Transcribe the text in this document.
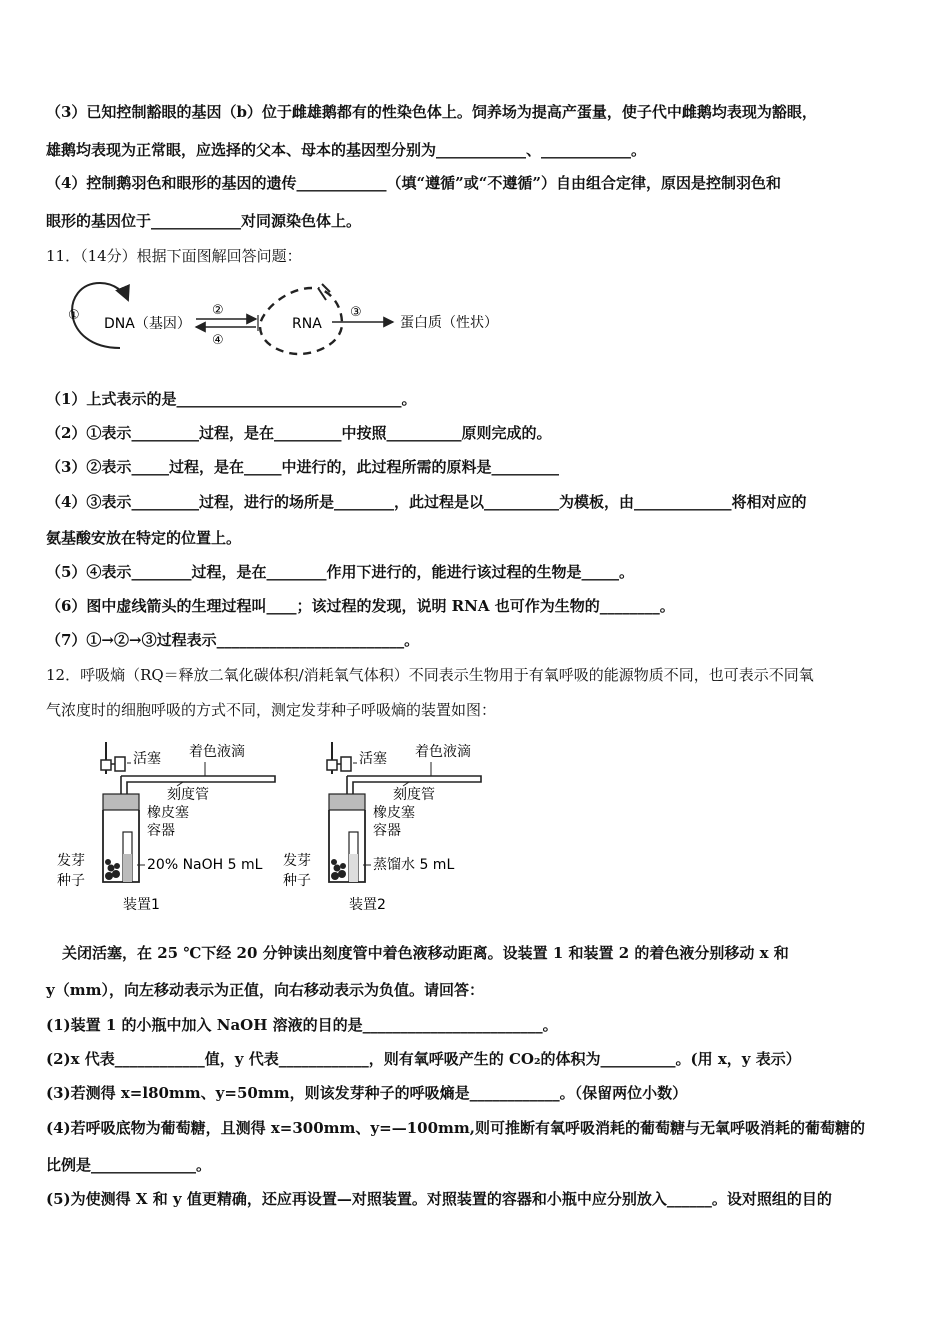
（3）已知控制豁眼的基因（b）位于雌雄鹅都有的性染色体上。饲养场为提高产蛋量，使子代中雌鹅均表现为豁眼，
雄鹅均表现为正常眼，应选择的父本、母本的基因型分别为____________、____________。
（4）控制鹅羽色和眼形的基因的遗传____________（填“遵循”或“不遵循”）自由组合定律，原因是控制羽色和
眼形的基因位于____________对同源染色体上。
11．（14分）根据下面图解回答问题：
①
DNA（基因）
②
④
RNA
③
蛋白质（性状）
（1）上式表示的是______________________________。
（2）①表示_________过程，是在_________中按照__________原则完成的。
（3）②表示_____过程，是在_____中进行的，此过程所需的原料是_________
（4）③表示_________过程，进行的场所是________，此过程是以__________为模板，由_____________将相对应的
氨基酸安放在特定的位置上。
（5）④表示________过程，是在________作用下进行的，能进行该过程的生物是_____。
（6）图中虚线箭头的生理过程叫____；该过程的发现，说明 RNA 也可作为生物的________。
（7）①→②→③过程表示_________________________。
12．呼吸熵（RQ＝释放二氧化碳体积/消耗氧气体积）不同表示生物用于有氧呼吸的能源物质不同，也可表示不同氧
气浓度时的细胞呼吸的方式不同，测定发芽种子呼吸熵的装置如图：
活塞 着色液滴
刻度管
橡皮塞
容器
20% NaOH 5 mL
发芽
种子
装置1
活塞 着色液滴
刻度管
橡皮塞
容器
蒸馏水 5 mL
发芽
种子
装置2
关闭活塞，在 25 ℃下经 20 分钟读出刻度管中着色液移动距离。设装置 1 和装置 2 的着色液分别移动 x 和
y（mm），向左移动表示为正值，向右移动表示为负值。请回答：
(1)装置 1 的小瓶中加入 NaOH 溶液的目的是________________________。
(2)x 代表____________值，y 代表____________，则有氧呼吸产生的 CO₂的体积为__________。(用 x，y 表示）
(3)若测得 x=l80mm、y=50mm，则该发芽种子的呼吸熵是____________。（保留两位小数）
(4)若呼吸底物为葡萄糖，且测得 x=300mm、y=—100mm,则可推断有氧呼吸消耗的葡萄糖与无氧呼吸消耗的葡萄糖的
比例是______________。
(5)为使测得 X 和 y 值更精确，还应再设置—对照装置。对照装置的容器和小瓶中应分别放入______。设对照组的目的
